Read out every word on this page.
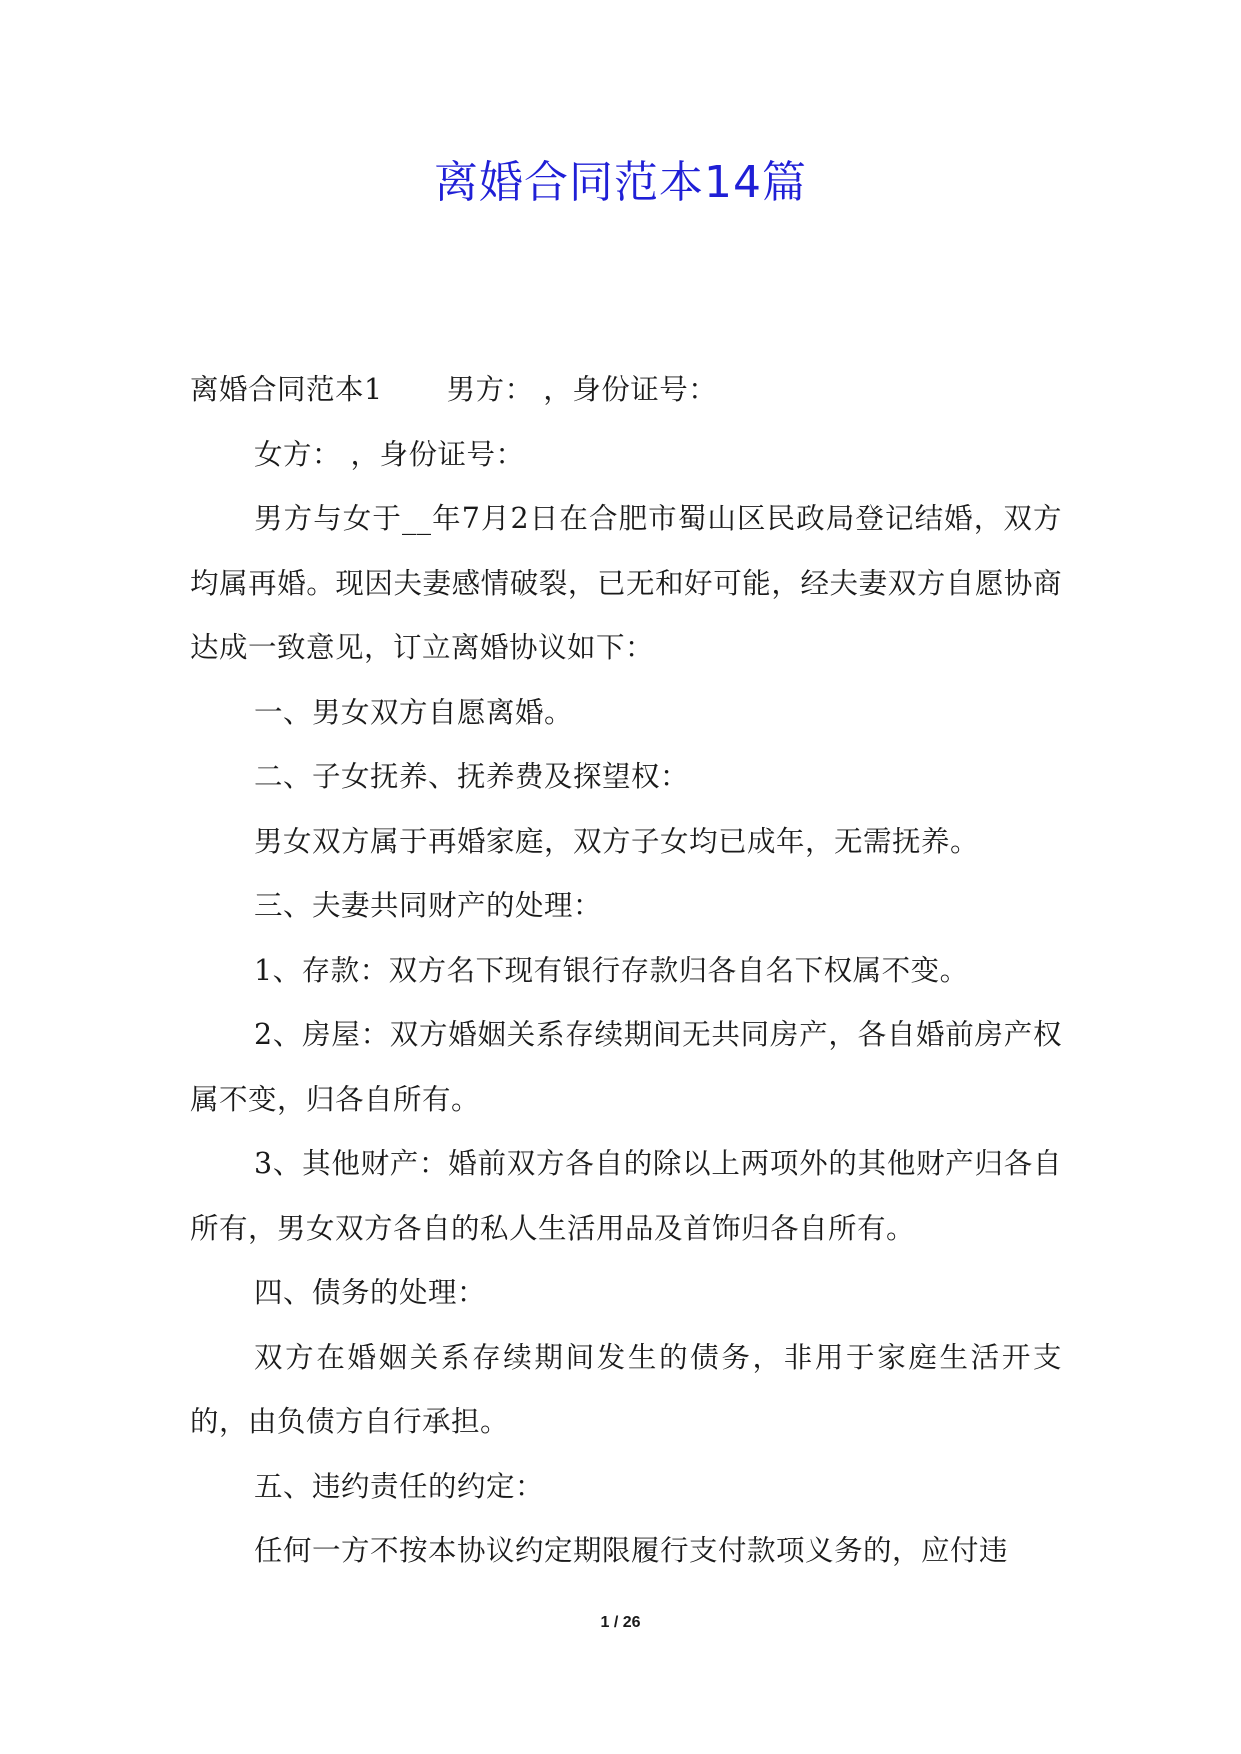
离婚合同范本14篇

离婚合同范本1 男方： ，身份证号：

女方： ，身份证号：

男方与女于__年7月2日在合肥市蜀山区民政局登记结婚，双方均属再婚。现因夫妻感情破裂，已无和好可能，经夫妻双方自愿协商达成一致意见，订立离婚协议如下：

一、男女双方自愿离婚。

二、子女抚养、抚养费及探望权：

男女双方属于再婚家庭，双方子女均已成年，无需抚养。

三、夫妻共同财产的处理：

1、存款：双方名下现有银行存款归各自名下权属不变。

2、房屋：双方婚姻关系存续期间无共同房产，各自婚前房产权属不变，归各自所有。

3、其他财产：婚前双方各自的除以上两项外的其他财产归各自所有，男女双方各自的私人生活用品及首饰归各自所有。

四、债务的处理：

双方在婚姻关系存续期间发生的债务，非用于家庭生活开支的，由负债方自行承担。

五、违约责任的约定：

任何一方不按本协议约定期限履行支付款项义务的，应付违

1 / 26
